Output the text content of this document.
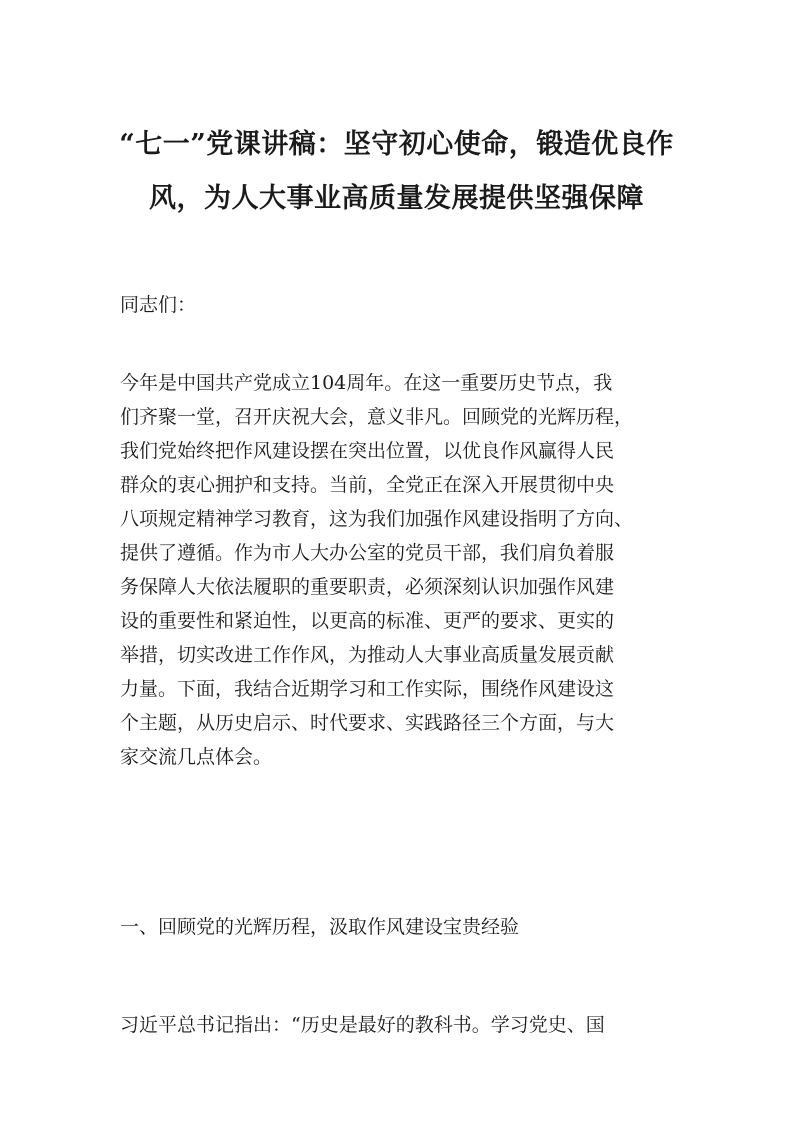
“七一”党课讲稿：坚守初心使命，锻造优良作
风，为人大事业高质量发展提供坚强保障

同志们：

今年是中国共产党成立104周年。在这一重要历史节点，我
们齐聚一堂，召开庆祝大会，意义非凡。回顾党的光辉历程，
我们党始终把作风建设摆在突出位置，以优良作风赢得人民
群众的衷心拥护和支持。当前，全党正在深入开展贯彻中央
八项规定精神学习教育，这为我们加强作风建设指明了方向、
提供了遵循。作为市人大办公室的党员干部，我们肩负着服
务保障人大依法履职的重要职责，必须深刻认识加强作风建
设的重要性和紧迫性，以更高的标准、更严的要求、更实的
举措，切实改进工作作风，为推动人大事业高质量发展贡献
力量。下面，我结合近期学习和工作实际，围绕作风建设这
个主题，从历史启示、时代要求、实践路径三个方面，与大
家交流几点体会。

一、回顾党的光辉历程，汲取作风建设宝贵经验

习近平总书记指出：“历史是最好的教科书。学习党史、国
